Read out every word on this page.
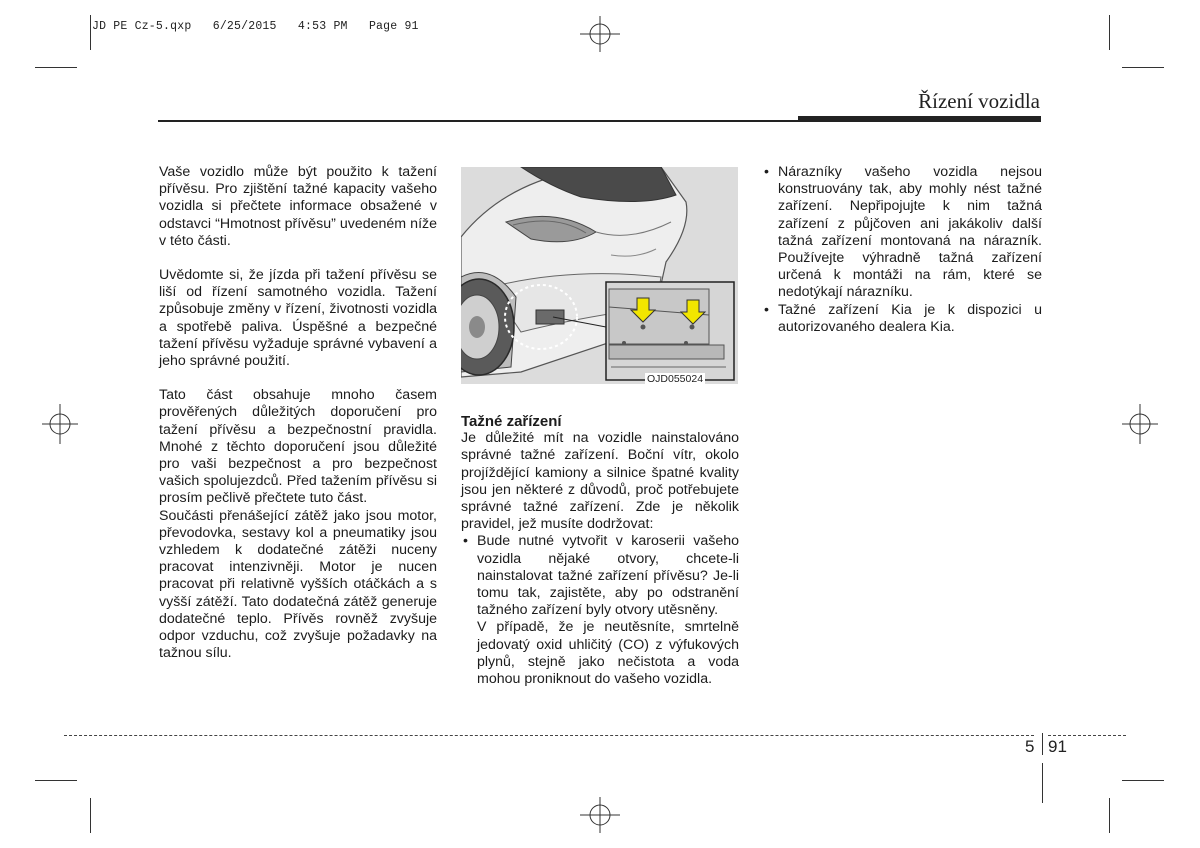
JD PE Cz-5.qxp   6/25/2015   4:53 PM   Page 91
Řízení vozidla

Vaše vozidlo může být použito k tažení přívěsu. Pro zjištění tažné kapacity vašeho vozidla si přečtete informace obsažené v odstavci “Hmotnost přívěsu” uvedeném níže v této části.

Uvědomte si, že jízda při tažení přívěsu se liší od řízení samotného vozidla. Tažení způsobuje změny v řízení, životnosti vozidla a spotřebě paliva. Úspěšné a bezpečné tažení přívěsu vyžaduje správné vybavení a jeho správné použití.

Tato část obsahuje mnoho časem prověřených důležitých doporučení pro tažení přívěsu a bezpečnostní pravidla. Mnohé z těchto doporučení jsou důležité pro vaši bezpečnost a pro bezpečnost vašich spolujezdců. Před tažením přívěsu si prosím pečlivě přečtete tuto část.

Součásti přenášející zátěž jako jsou motor, převodovka, sestavy kol a pneumatiky jsou vzhledem k dodatečné zátěži nuceny pracovat intenzivněji. Motor je nucen pracovat při relativně vyšších otáčkách a s vyšší zátěží. Tato dodatečná zátěž generuje dodatečné teplo. Přívěs rovněž zvyšuje odpor vzduchu, což zvyšuje požadavky na tažnou sílu.

OJD055024

Tažné zařízení

Je důležité mít na vozidle nainstalováno správné tažné zařízení. Boční vítr, okolo projíždějící kamiony a silnice špatné kvality jsou jen některé z důvodů, proč potřebujete správné tažné zařízení. Zde je několik pravidel, jež musíte dodržovat:

• Bude nutné vytvořit v karoserii vašeho vozidla nějaké otvory, chcete-li nainstalovat tažné zařízení přívěsu? Je-li tomu tak, zajistěte, aby po odstranění tažného zařízení byly otvory utěsněny.

V případě, že je neutěsníte, smrtelně jedovatý oxid uhličitý (CO) z výfukových plynů, stejně jako nečistota a voda mohou proniknout do vašeho vozidla.

• Nárazníky vašeho vozidla nejsou konstruovány tak, aby mohly nést tažné zařízení. Nepřipojujte k nim tažná zařízení z půjčoven ani jakákoliv další tažná zařízení montovaná na nárazník. Používejte výhradně tažná zařízení určená k montáži na rám, které se nedotýkají nárazníku.
• Tažné zařízení Kia je k dispozici u autorizovaného dealera Kia.
5 91
